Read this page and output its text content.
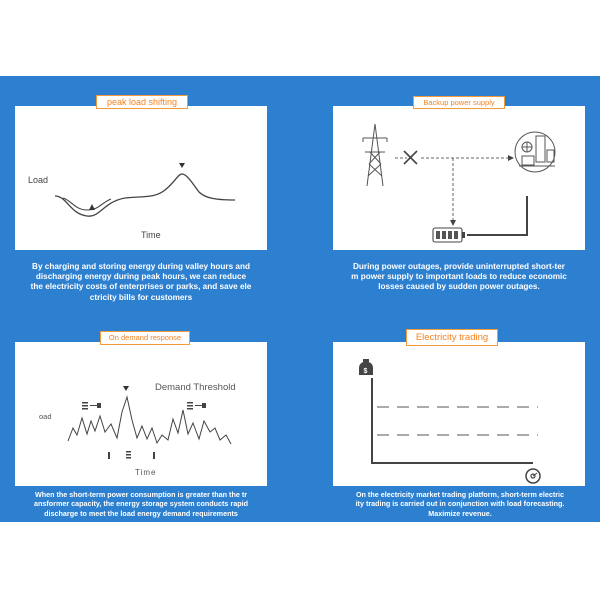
Load
Time
peak load shifting
By charging and storing energy during valley hours and
discharging energy during peak hours, we can reduce
the electricity costs of enterprises or parks, and save ele
ctricity bills for customers
Backup power supply
During power outages, provide uninterrupted short-ter
m power supply to important loads to reduce economic
losses caused by sudden power outages.
Demand Threshold
oad
Time
On demand response
When the short-term power consumption is greater than the tr
ansformer capacity, the energy storage system conducts rapid
discharge to meet the load energy demand requirements
$
Electricity trading
On the electricity market trading platform, short-term electric
ity trading is carried out in conjunction with load forecasting.
Maximize revenue.
